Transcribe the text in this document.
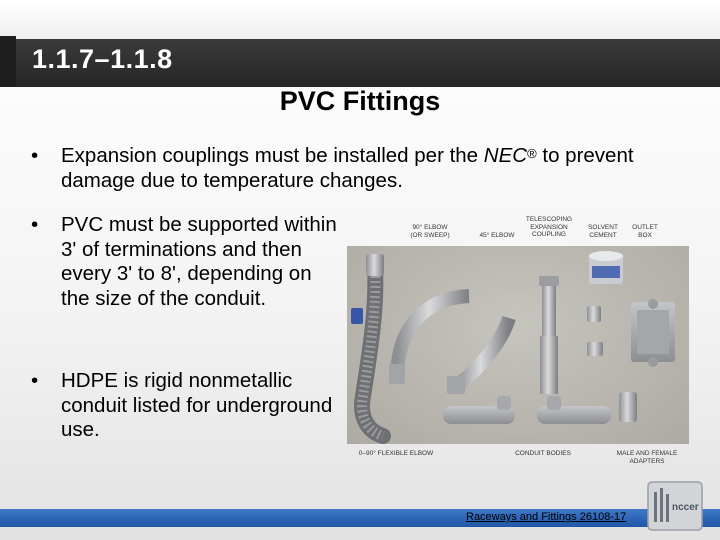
1.1.7–1.1.8
PVC Fittings
• Expansion couplings must be installed per the NEC® to prevent damage due to temperature changes.
• PVC must be supported within 3' of terminations and then every 3' to 8', depending on the size of the conduit.
• HDPE is rigid nonmetallic conduit listed for underground use.
90° ELBOW (OR SWEEP)	45° ELBOW
TELESCOPING EXPANSION COUPLING
SOLVENT CEMENT
OUTLET BOX
0–90° FLEXIBLE ELBOW	CONDUIT BODIES	MALE AND FEMALE ADAPTERS
Raceways and Fittings 26108-17
nccer
